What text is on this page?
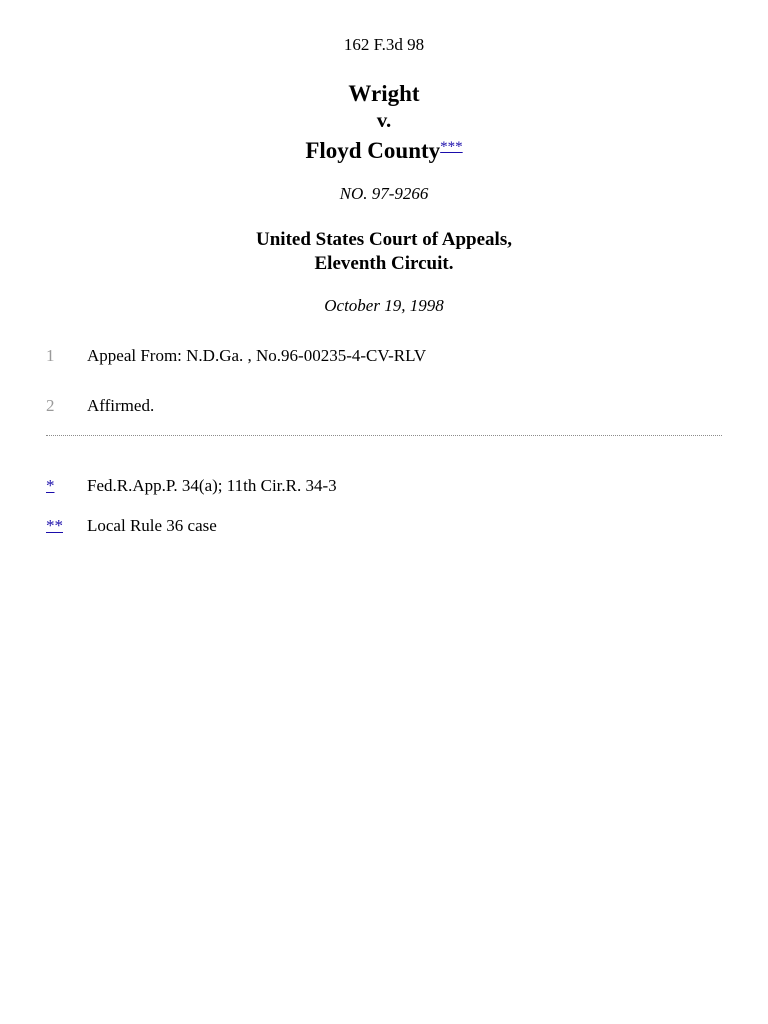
162 F.3d 98
Wright
v.
Floyd County***
NO. 97-9266
United States Court of Appeals,
Eleventh Circuit.
October 19, 1998
1 Appeal From: N.D.Ga. , No.96-00235-4-CV-RLV
2 Affirmed.
* Fed.R.App.P. 34(a); 11th Cir.R. 34-3
** Local Rule 36 case
